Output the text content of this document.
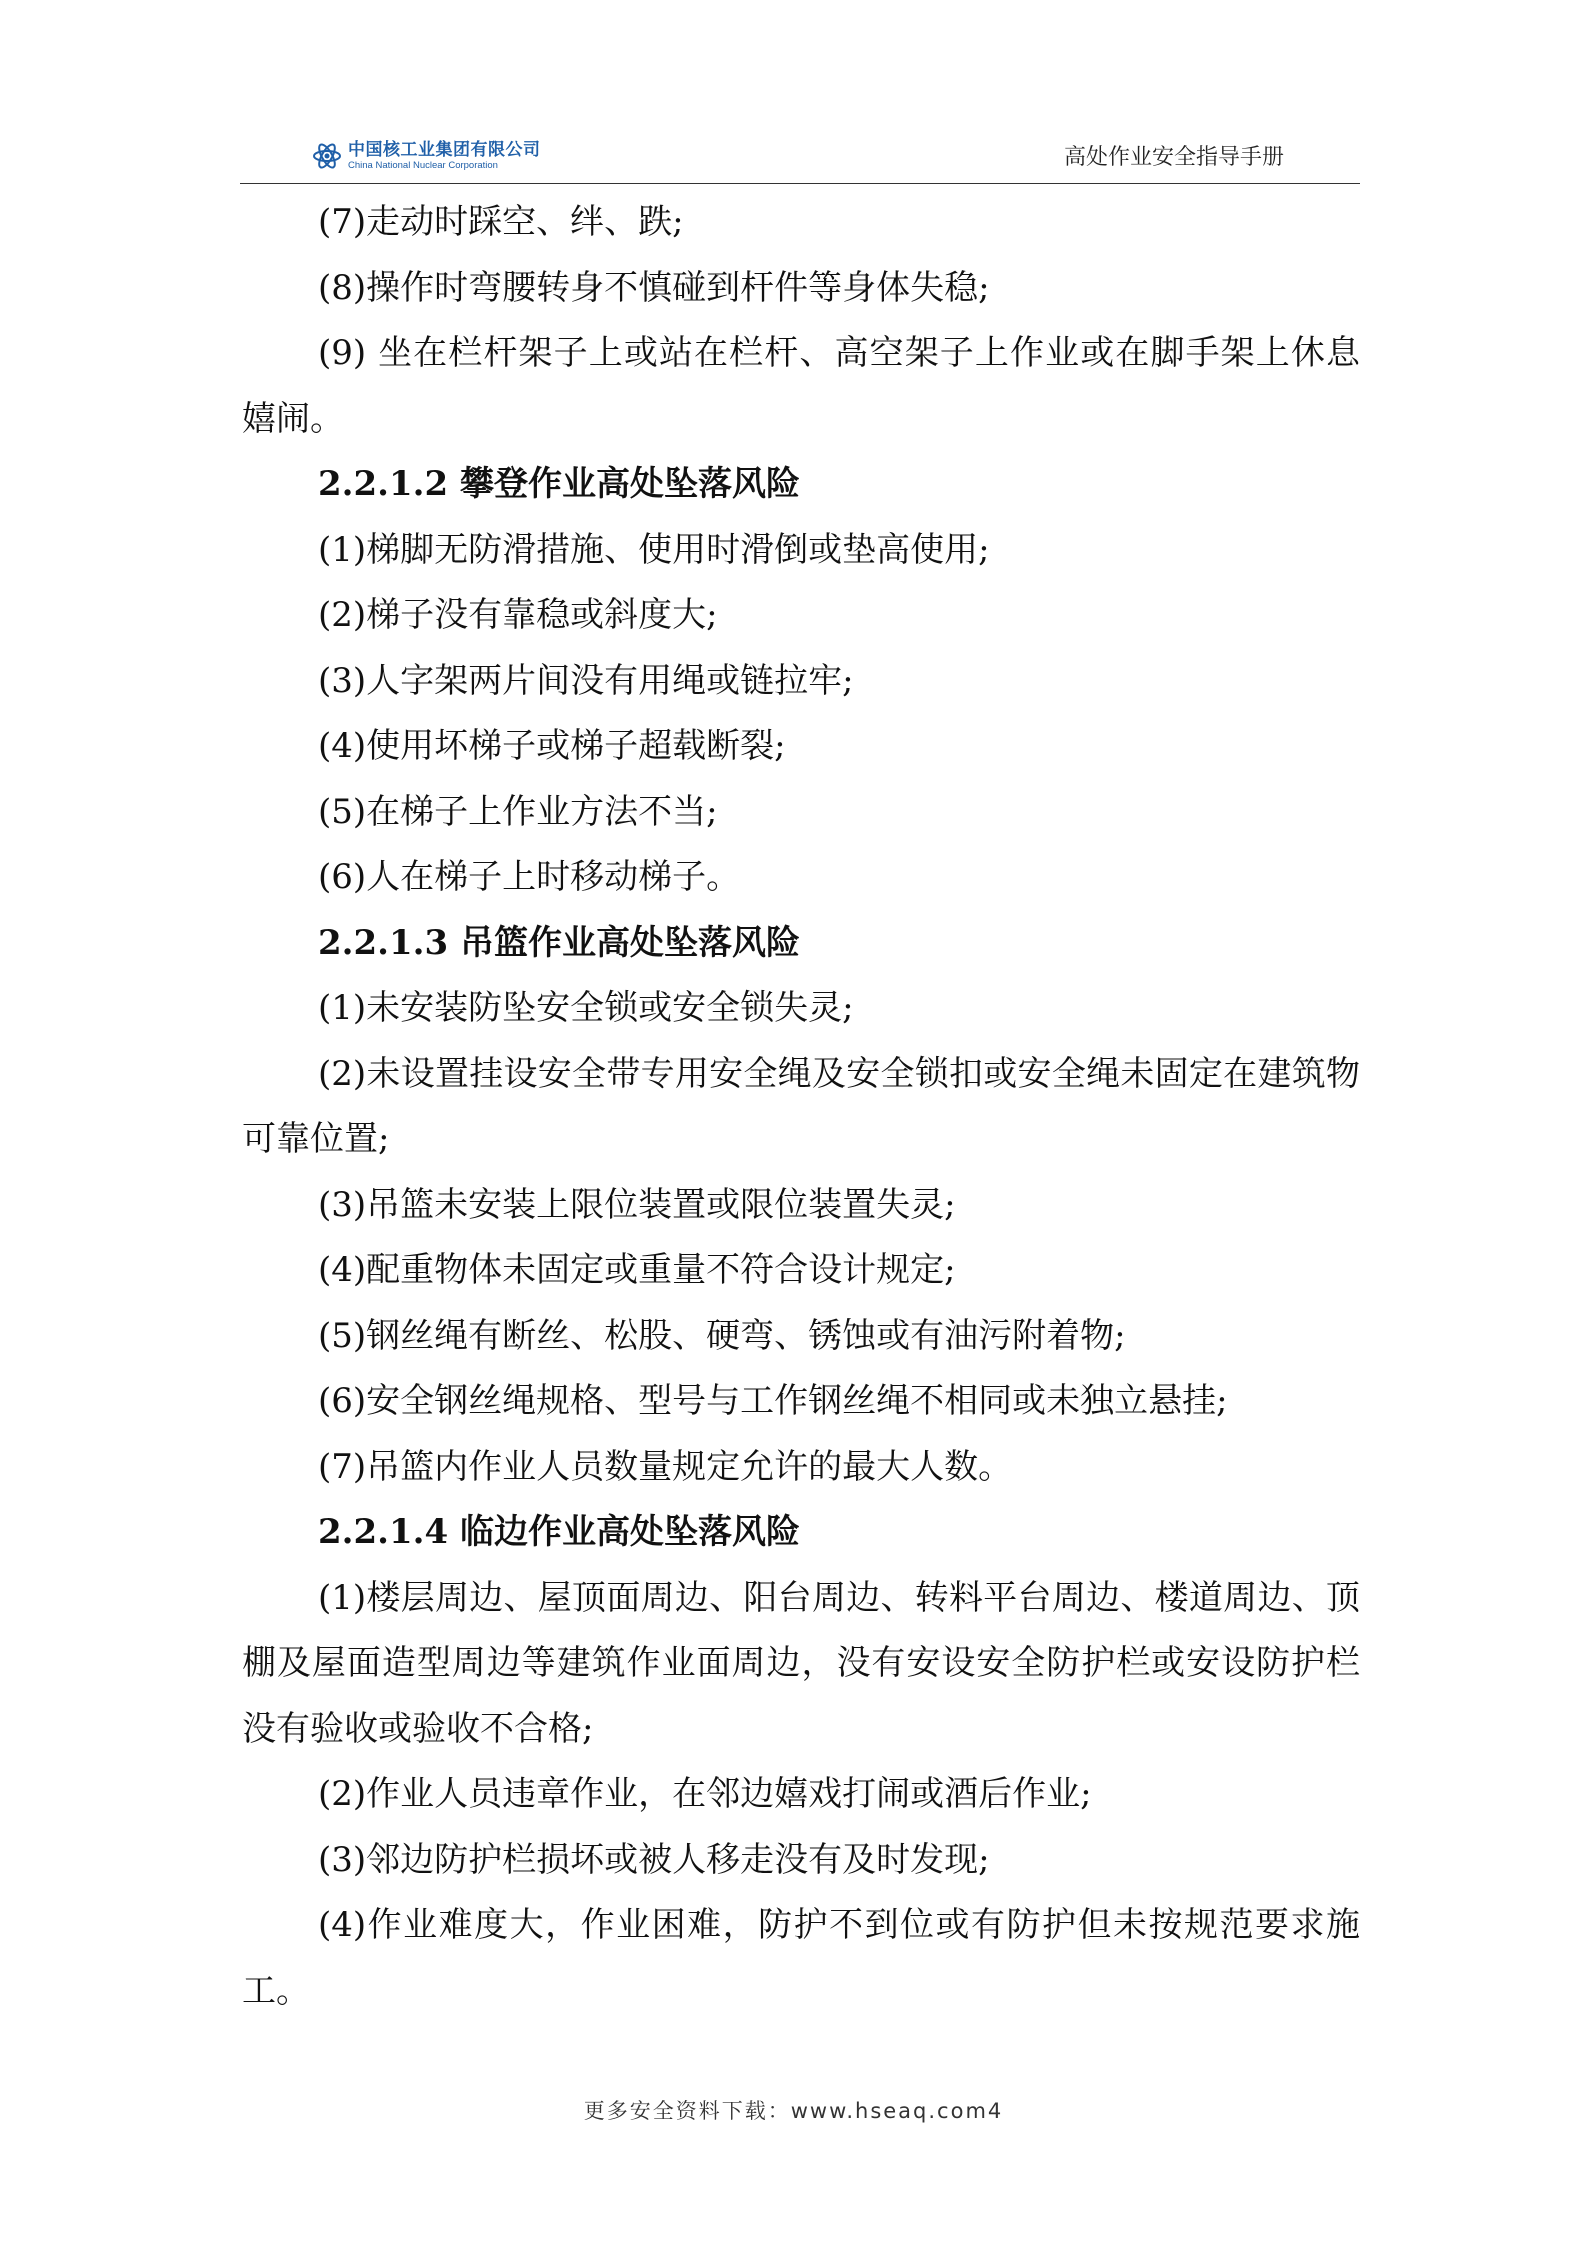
中国核工业集团有限公司
China National Nuclear Corporation	高处作业安全指导手册

(7)走动时踩空、绊、跌;

(8)操作时弯腰转身不慎碰到杆件等身体失稳;

(9) 坐在栏杆架子上或站在栏杆、高空架子上作业或在脚手架上休息嬉闹。

2.2.1.2 攀登作业高处坠落风险

(1)梯脚无防滑措施、使用时滑倒或垫高使用;

(2)梯子没有靠稳或斜度大;

(3)人字架两片间没有用绳或链拉牢;

(4)使用坏梯子或梯子超载断裂;

(5)在梯子上作业方法不当;

(6)人在梯子上时移动梯子。

2.2.1.3 吊篮作业高处坠落风险

(1)未安装防坠安全锁或安全锁失灵;

(2)未设置挂设安全带专用安全绳及安全锁扣或安全绳未固定在建筑物可靠位置;

(3)吊篮未安装上限位装置或限位装置失灵;

(4)配重物体未固定或重量不符合设计规定;

(5)钢丝绳有断丝、松股、硬弯、锈蚀或有油污附着物;

(6)安全钢丝绳规格、型号与工作钢丝绳不相同或未独立悬挂;

(7)吊篮内作业人员数量规定允许的最大人数。

2.2.1.4 临边作业高处坠落风险

(1)楼层周边、屋顶面周边、阳台周边、转料平台周边、楼道周边、顶棚及屋面造型周边等建筑作业面周边，没有安设安全防护栏或安设防护栏没有验收或验收不合格;

(2)作业人员违章作业，在邻边嬉戏打闹或酒后作业;

(3)邻边防护栏损坏或被人移走没有及时发现;

(4)作业难度大，作业困难，防护不到位或有防护但未按规范要求施工。

更多安全资料下载：www.hseaq.com4
